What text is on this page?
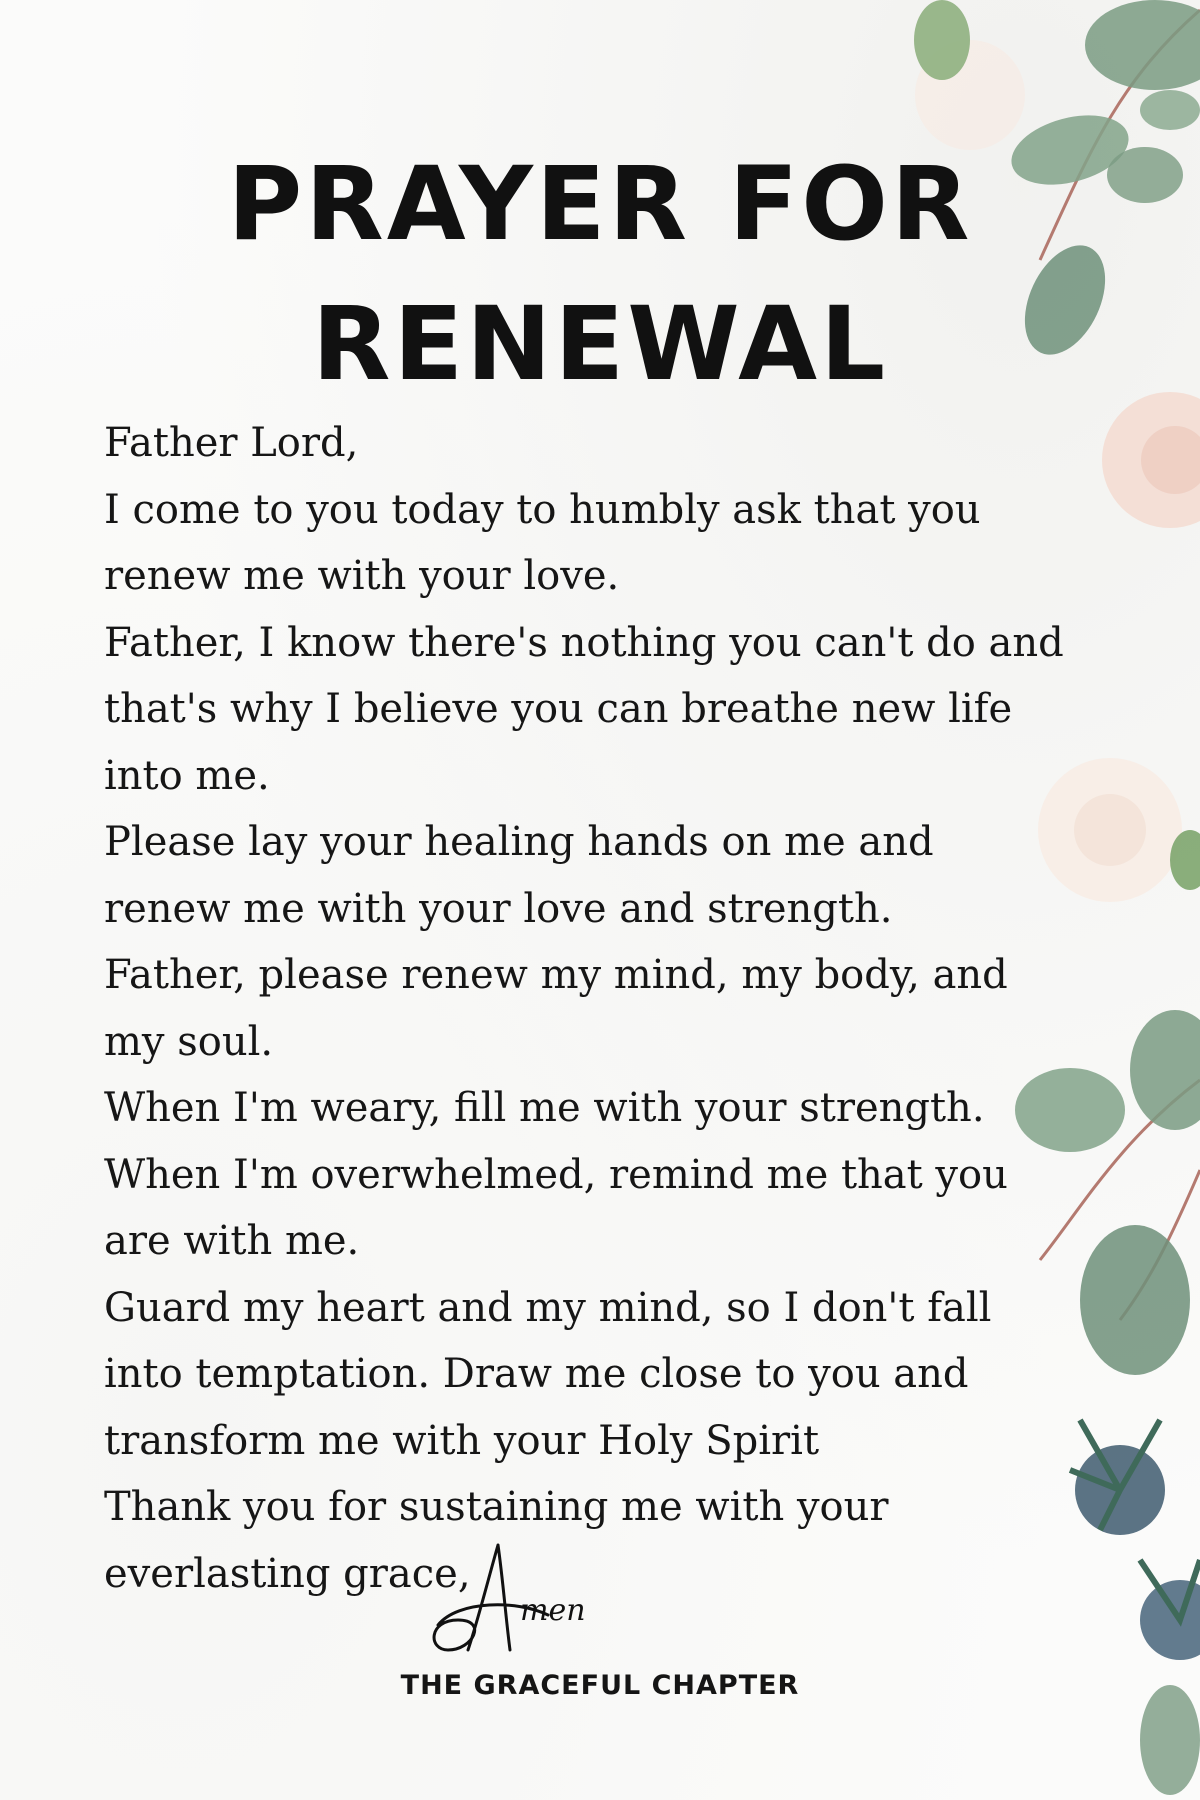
PRAYER FOR
RENEWAL
Father Lord,
I come to you today to humbly ask that you
renew me with your love.
Father, I know there's nothing you can't do and
that's why I believe you can breathe new life
into me.
Please lay your healing hands on me and
renew me with your love and strength.
Father, please renew my mind, my body, and
my soul.
When I'm weary, fill me with your strength.
When I'm overwhelmed, remind me that you
are with me.
Guard my heart and my mind, so I don't fall
into temptation. Draw me close to you and
transform me with your Holy Spirit
Thank you for sustaining me with your
everlasting grace,
men
THE GRACEFUL CHAPTER
